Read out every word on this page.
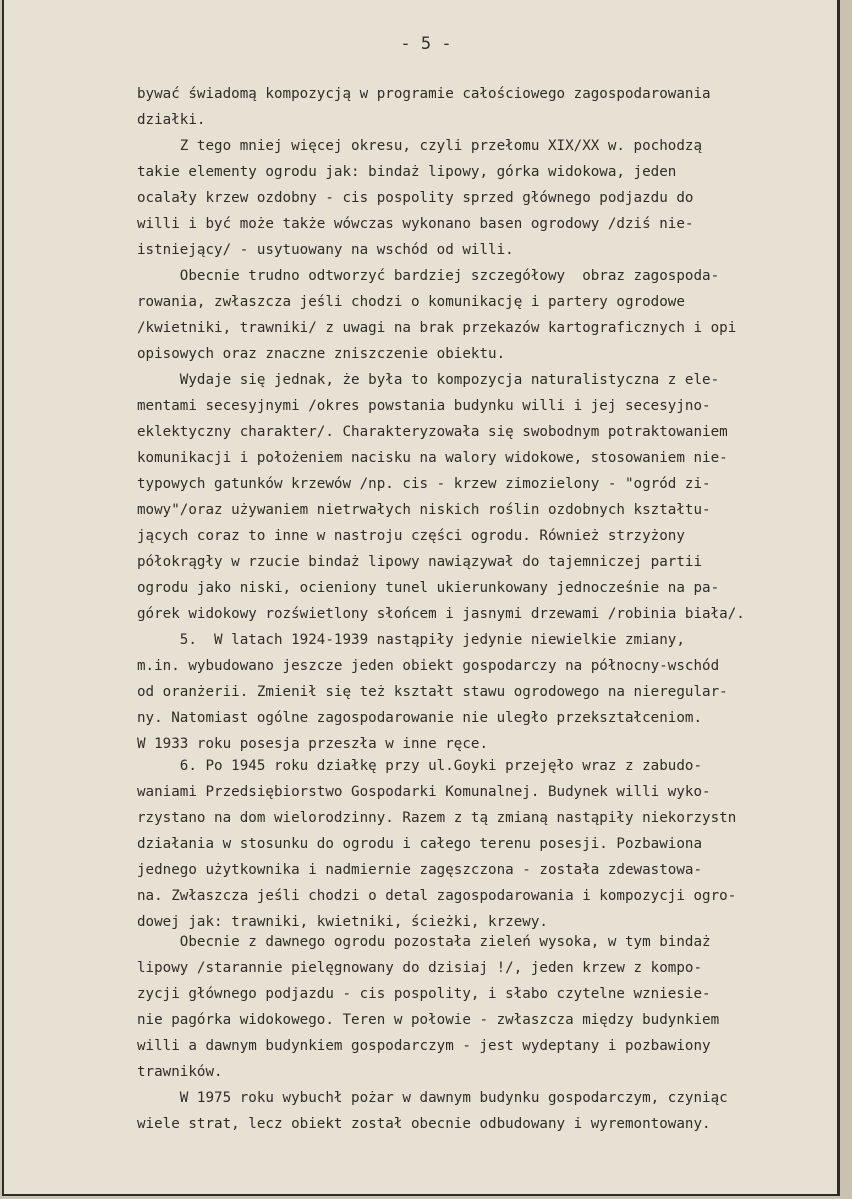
- 5 -
bywać świadomą kompozycją w programie całościowego zagospodarowania
działki.
Z tego mniej więcej okresu, czyli przełomu XIX/XX w. pochodzą
takie elementy ogrodu jak: bindaż lipowy, górka widokowa, jeden
ocalały krzew ozdobny - cis pospolity sprzed głównego podjazdu do
willi i być może także wówczas wykonano basen ogrodowy /dziś nie-
istniejący/ - usytuowany na wschód od willi.
Obecnie trudno odtworzyć bardziej szczegółowy  obraz zagospoda-
rowania, zwłaszcza jeśli chodzi o komunikację i partery ogrodowe
/kwietniki, trawniki/ z uwagi na brak przekazów kartograficznych i opi
opisowych oraz znaczne zniszczenie obiektu.
Wydaje się jednak, że była to kompozycja naturalistyczna z ele-
mentami secesyjnymi /okres powstania budynku willi i jej secesyjno-
eklektyczny charakter/. Charakteryzowała się swobodnym potraktowaniem
komunikacji i położeniem nacisku na walory widokowe, stosowaniem nie-
typowych gatunków krzewów /np. cis - krzew zimozielony - "ogród zi-
mowy"/oraz używaniem nietrwałych niskich roślin ozdobnych kształtu-
jących coraz to inne w nastroju części ogrodu. Również strzyżony
półokrągły w rzucie bindaż lipowy nawiązywał do tajemniczej partii
ogrodu jako niski, ocieniony tunel ukierunkowany jednocześnie na pa-
górek widokowy rozświetlony słońcem i jasnymi drzewami /robinia biała/.
5.  W latach 1924-1939 nastąpiły jedynie niewielkie zmiany,
m.in. wybudowano jeszcze jeden obiekt gospodarczy na północny-wschód
od oranżerii. Zmienił się też kształt stawu ogrodowego na nieregular-
ny. Natomiast ogólne zagospodarowanie nie uległo przekształceniom.
W 1933 roku posesja przeszła w inne ręce.
6. Po 1945 roku działkę przy ul.Goyki przejęło wraz z zabudo-
waniami Przedsiębiorstwo Gospodarki Komunalnej. Budynek willi wyko-
rzystano na dom wielorodzinny. Razem z tą zmianą nastąpiły niekorzystn
działania w stosunku do ogrodu i całego terenu posesji. Pozbawiona
jednego użytkownika i nadmiernie zagęszczona - została zdewastowa-
na. Zwłaszcza jeśli chodzi o detal zagospodarowania i kompozycji ogro-
dowej jak: trawniki, kwietniki, ścieżki, krzewy.
Obecnie z dawnego ogrodu pozostała zieleń wysoka, w tym bindaż
lipowy /starannie pielęgnowany do dzisiaj !/, jeden krzew z kompo-
zycji głównego podjazdu - cis pospolity, i słabo czytelne wzniesie-
nie pagórka widokowego. Teren w połowie - zwłaszcza między budynkiem
willi a dawnym budynkiem gospodarczym - jest wydeptany i pozbawiony
trawników.
W 1975 roku wybuchł pożar w dawnym budynku gospodarczym, czyniąc
wiele strat, lecz obiekt został obecnie odbudowany i wyremontowany.
